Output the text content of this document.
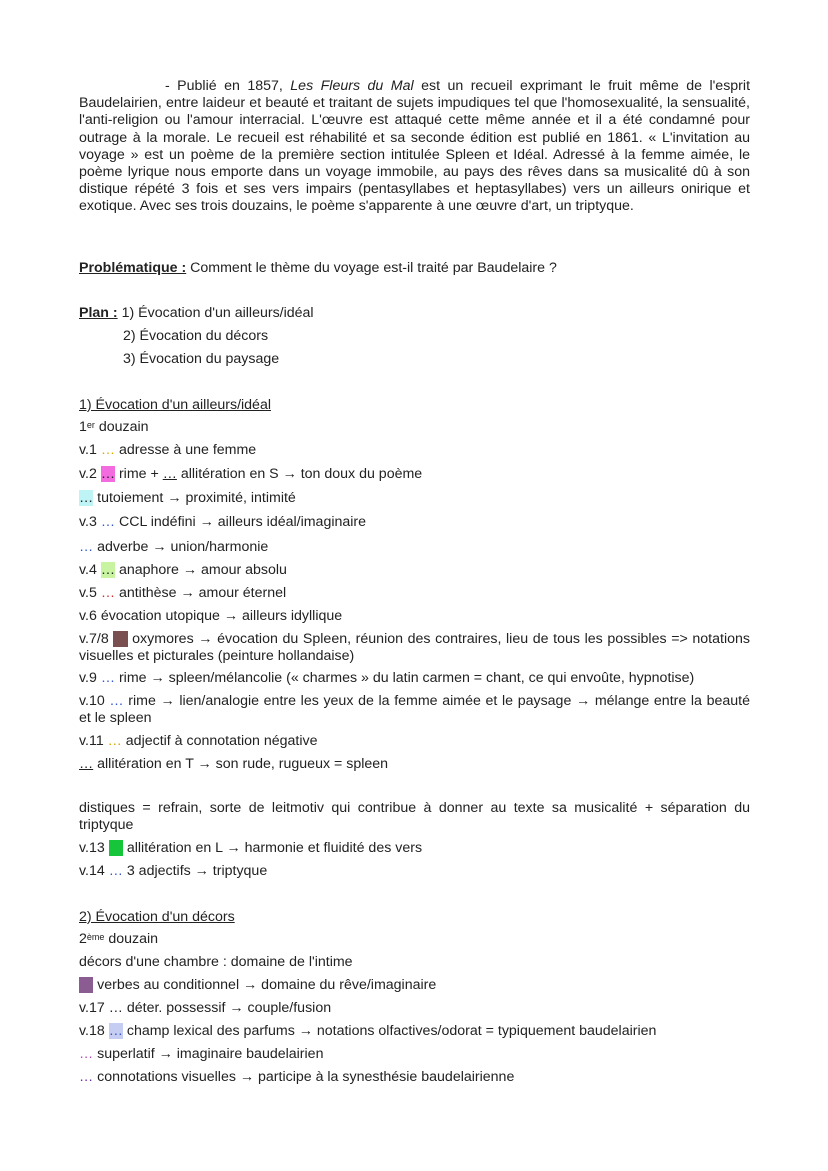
- Publié en 1857, Les Fleurs du Mal est un recueil exprimant le fruit même de l'esprit Baudelairien, entre laideur et beauté et traitant de sujets impudiques tel que l'homosexualité, la sensualité, l'anti-religion ou l'amour interracial. L'œuvre est attaqué cette même année et il a été condamné pour outrage à la morale. Le recueil est réhabilité et sa seconde édition est publié en 1861. « L'invitation au voyage » est un poème de la première section intitulée Spleen et Idéal. Adressé à la femme aimée, le poème lyrique nous emporte dans un voyage immobile, au pays des rêves dans sa musicalité dû à son distique répété 3 fois et ses vers impairs (pentasyllabes et heptasyllabes) vers un ailleurs onirique et exotique. Avec ses trois douzains, le poème s'apparente à une œuvre d'art, un triptyque.

Problématique : Comment le thème du voyage est-il traité par Baudelaire ?
Plan : 1) Évocation d'un ailleurs/idéal
2) Évocation du décors
3) Évocation du paysage
1) Évocation d'un ailleurs/idéal
1er douzain
v.1 … adresse à une femme
v.2 … rime + … allitération en S → ton doux du poème
… tutoiement → proximité, intimité
v.3 … CCL indéfini → ailleurs idéal/imaginaire
… adverbe → union/harmonie
v.4 … anaphore → amour absolu
v.5 … antithèse → amour éternel
v.6 évocation utopique → ailleurs idyllique
v.7/8 … oxymores → évocation du Spleen, réunion des contraires, lieu de tous les possibles => notations visuelles et picturales (peinture hollandaise)
v.9 … rime → spleen/mélancolie (« charmes » du latin carmen = chant, ce qui envoûte, hypnotise)
v.10 … rime → lien/analogie entre les yeux de la femme aimée et le paysage → mélange entre la beauté et le spleen
v.11 … adjectif à connotation négative
… allitération en T → son rude, rugueux = spleen
distiques = refrain, sorte de leitmotiv qui contribue à donner au texte sa musicalité + séparation du triptyque
v.13 … allitération en L → harmonie et fluidité des vers
v.14 … 3 adjectifs → triptyque
2) Évocation d'un décors
2ème douzain
décors d'une chambre : domaine de l'intime
… verbes au conditionnel → domaine du rêve/imaginaire
v.17 … déter. possessif → couple/fusion
v.18 … champ lexical des parfums → notations olfactives/odorat = typiquement baudelairien
… superlatif → imaginaire baudelairien
… connotations visuelles → participe à la synesthésie baudelairienne
